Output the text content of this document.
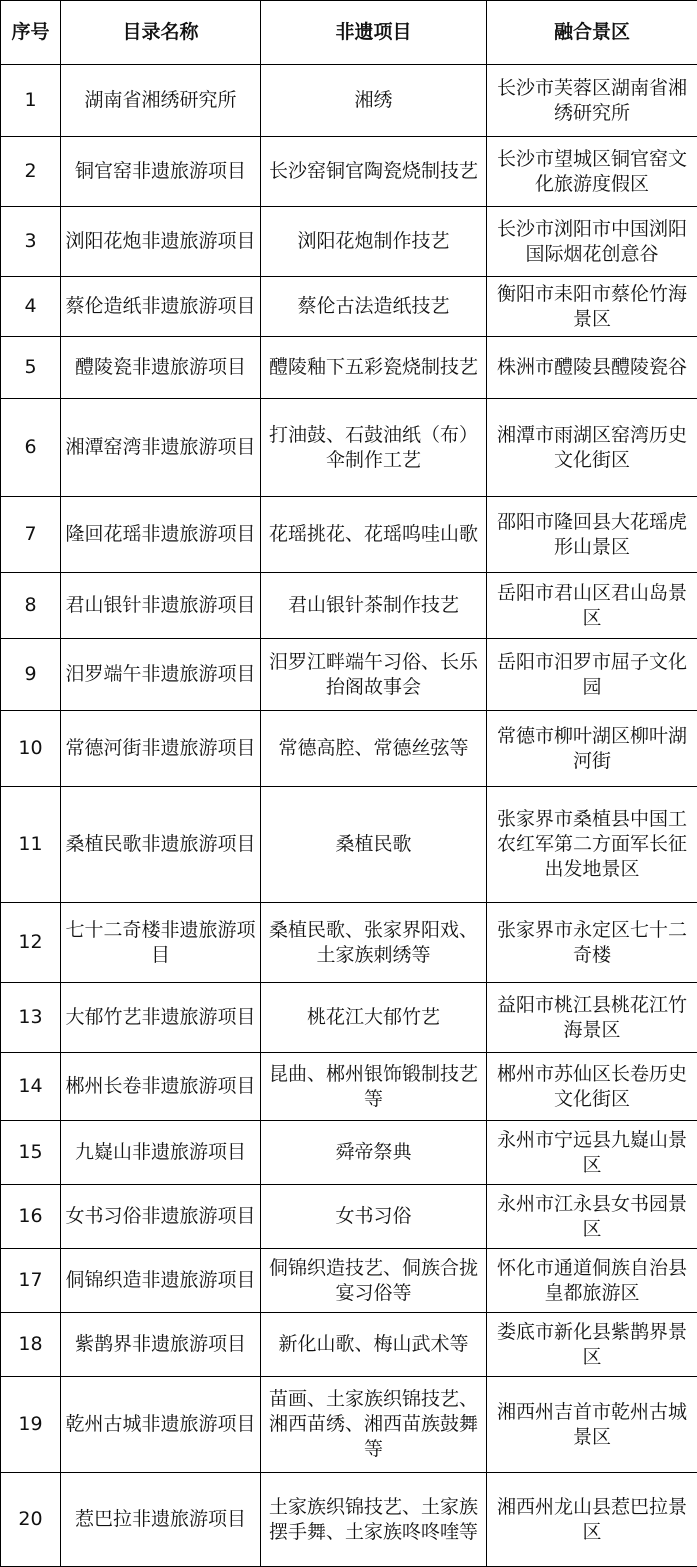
序号	目录名称	非遗项目	融合景区
1	湖南省湘绣研究所	湘绣	长沙市芙蓉区湖南省湘绣研究所
2	铜官窑非遗旅游项目	长沙窑铜官陶瓷烧制技艺	长沙市望城区铜官窑文化旅游度假区
3	浏阳花炮非遗旅游项目	浏阳花炮制作技艺	长沙市浏阳市中国浏阳国际烟花创意谷
4	蔡伦造纸非遗旅游项目	蔡伦古法造纸技艺	衡阳市耒阳市蔡伦竹海景区
5	醴陵瓷非遗旅游项目	醴陵釉下五彩瓷烧制技艺	株洲市醴陵县醴陵瓷谷
6	湘潭窑湾非遗旅游项目	打油鼓、石鼓油纸（布）伞制作工艺	湘潭市雨湖区窑湾历史文化街区
7	隆回花瑶非遗旅游项目	花瑶挑花、花瑶呜哇山歌	邵阳市隆回县大花瑶虎形山景区
8	君山银针非遗旅游项目	君山银针茶制作技艺	岳阳市君山区君山岛景区
9	汨罗端午非遗旅游项目	汨罗江畔端午习俗、长乐抬阁故事会	岳阳市汨罗市屈子文化园
10	常德河街非遗旅游项目	常德高腔、常德丝弦等	常德市柳叶湖区柳叶湖河街
11	桑植民歌非遗旅游项目	桑植民歌	张家界市桑植县中国工农红军第二方面军长征出发地景区
12	七十二奇楼非遗旅游项目	桑植民歌、张家界阳戏、土家族刺绣等	张家界市永定区七十二奇楼
13	大郁竹艺非遗旅游项目	桃花江大郁竹艺	益阳市桃江县桃花江竹海景区
14	郴州长卷非遗旅游项目	昆曲、郴州银饰锻制技艺等	郴州市苏仙区长卷历史文化街区
15	九嶷山非遗旅游项目	舜帝祭典	永州市宁远县九嶷山景区
16	女书习俗非遗旅游项目	女书习俗	永州市江永县女书园景区
17	侗锦织造非遗旅游项目	侗锦织造技艺、侗族合拢宴习俗等	怀化市通道侗族自治县皇都旅游区
18	紫鹊界非遗旅游项目	新化山歌、梅山武术等	娄底市新化县紫鹊界景区
19	乾州古城非遗旅游项目	苗画、土家族织锦技艺、湘西苗绣、湘西苗族鼓舞等	湘西州吉首市乾州古城景区
20	惹巴拉非遗旅游项目	土家族织锦技艺、土家族摆手舞、土家族咚咚喹等	湘西州龙山县惹巴拉景区
